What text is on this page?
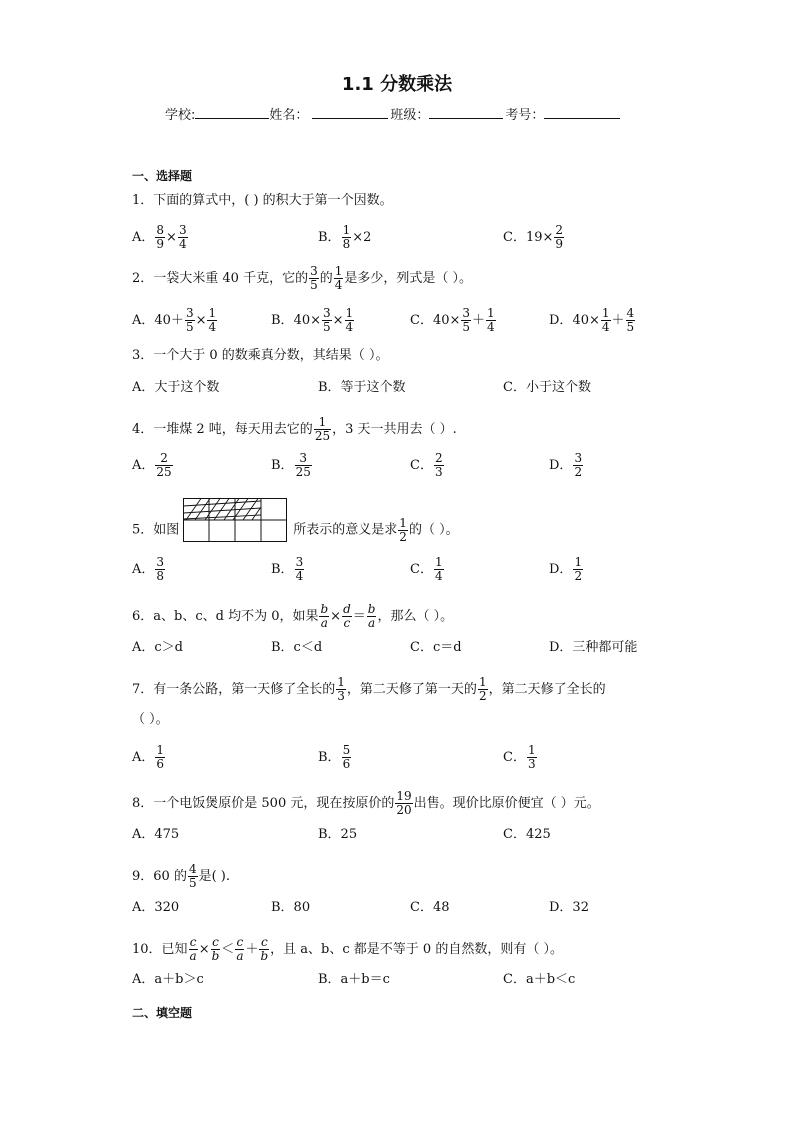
1.1 分数乘法
学校:	姓名：	班级：	考号：
一、选择题
1．下面的算式中，( ) 的积大于第一个因数。
A． $\frac{8}{9} \times \frac{3}{4}$	B． $\frac{1}{8} \times 2$	C．$19\times \frac{2}{9}$
2．一袋大米重 40 千克，它的 $\frac{3}{5}$ 的 $\frac{1}{4}$ 是多少，列式是（ ）。
A．$40+ \frac{3}{5} \times \frac{1}{4}$	B．$40\times \frac{3}{5} \times \frac{1}{4}$	C．$40\times \frac{3}{5} + \frac{1}{4}$	D．$40\times \frac{1}{4} + \frac{4}{5}$
3．一个大于 0 的数乘真分数，其结果（ ）。
A．大于这个数	B．等于这个数	C．小于这个数
4．一堆煤 2 吨，每天用去它的 $\frac{1}{25}$ ，3 天一共用去（ ）.
A． $\frac{2}{25}$	B． $\frac{3}{25}$	C． $\frac{2}{3}$	D． $\frac{3}{2}$
5．如图	所表示的意义是求 $\frac{1}{2}$ 的（ ）。
A． $\frac{3}{8}$	B． $\frac{3}{4}$	C． $\frac{1}{4}$	D． $\frac{1}{2}$
6．a、b、c、d 均不为 0，如果 $\frac{b}{a} \times \frac{d}{c} = \frac{b}{a}$ ，那么（ ）。
A．c＞d	B．c＜d	C．c＝d	D．三种都可能
7．有一条公路，第一天修了全长的 $\frac{1}{3}$ ，第二天修了第一天的 $\frac{1}{2}$ ，第二天修了全长的
（ ）。
A． $\frac{1}{6}$	B． $\frac{5}{6}$	C． $\frac{1}{3}$
8．一个电饭煲原价是 500 元，现在按原价的 $\frac{19}{20}$ 出售。现价比原价便宜（ ）元。
A．475	B．25	C．425
9．60 的 $\frac{4}{5}$ 是( ).
A．320	B．80	C．48	D．32
10．已知 $\frac{c}{a} \times \frac{c}{b} < \frac{c}{a} + \frac{c}{b}$ ，且 a、b、c 都是不等于 0 的自然数，则有（ ）。
A．a＋b＞c	B．a＋b＝c	C．a＋b＜c
二、填空题
